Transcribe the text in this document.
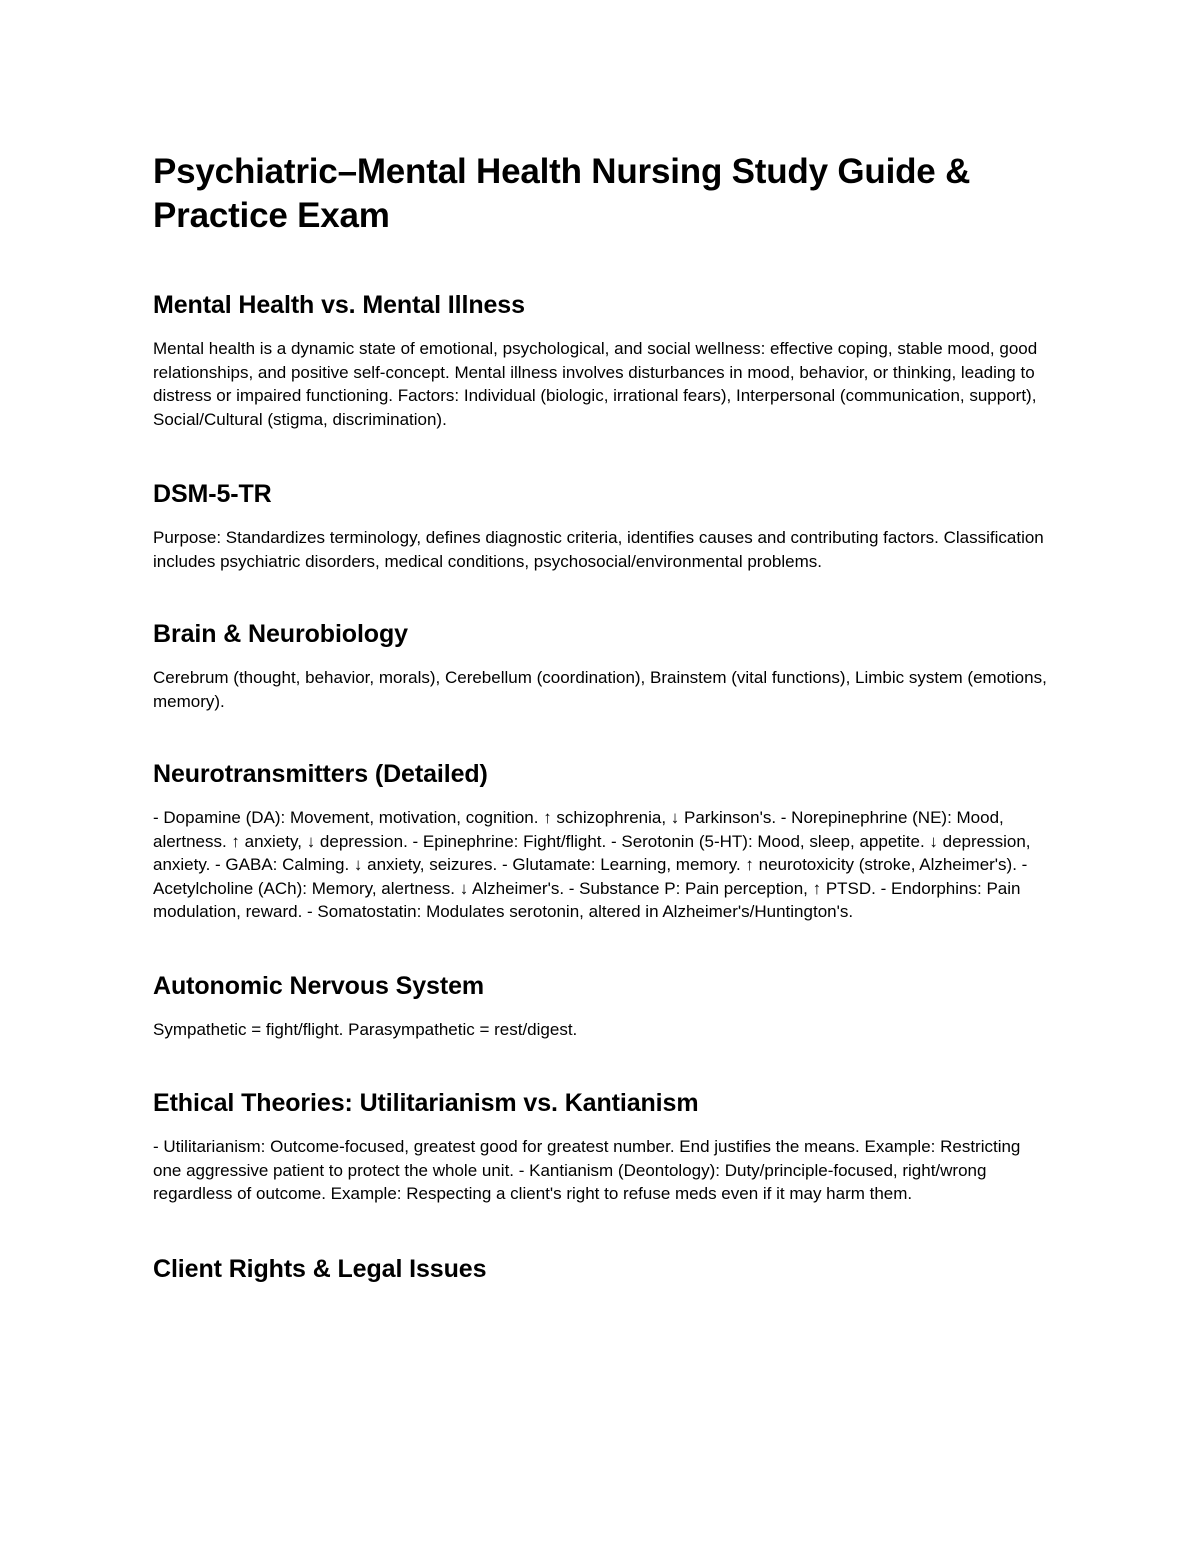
Psychiatric–Mental Health Nursing Study Guide & Practice Exam
Mental Health vs. Mental Illness

Mental health is a dynamic state of emotional, psychological, and social wellness: effective coping, stable mood, good relationships, and positive self-concept. Mental illness involves disturbances in mood, behavior, or thinking, leading to distress or impaired functioning. Factors: Individual (biologic, irrational fears), Interpersonal (communication, support), Social/Cultural (stigma, discrimination).

DSM-5-TR

Purpose: Standardizes terminology, defines diagnostic criteria, identifies causes and contributing factors. Classification includes psychiatric disorders, medical conditions, psychosocial/environmental problems.

Brain & Neurobiology

Cerebrum (thought, behavior, morals), Cerebellum (coordination), Brainstem (vital functions), Limbic system (emotions, memory).

Neurotransmitters (Detailed)

- Dopamine (DA): Movement, motivation, cognition. ↑ schizophrenia, ↓ Parkinson's. - Norepinephrine (NE): Mood, alertness. ↑ anxiety, ↓ depression. - Epinephrine: Fight/flight. - Serotonin (5-HT): Mood, sleep, appetite. ↓ depression, anxiety. - GABA: Calming. ↓ anxiety, seizures. - Glutamate: Learning, memory. ↑ neurotoxicity (stroke, Alzheimer's). - Acetylcholine (ACh): Memory, alertness. ↓ Alzheimer's. - Substance P: Pain perception, ↑ PTSD. - Endorphins: Pain modulation, reward. - Somatostatin: Modulates serotonin, altered in Alzheimer's/Huntington's.

Autonomic Nervous System

Sympathetic = fight/flight. Parasympathetic = rest/digest.

Ethical Theories: Utilitarianism vs. Kantianism

- Utilitarianism: Outcome-focused, greatest good for greatest number. End justifies the means. Example: Restricting one aggressive patient to protect the whole unit. - Kantianism (Deontology): Duty/principle-focused, right/wrong regardless of outcome. Example: Respecting a client's right to refuse meds even if it may harm them.

Client Rights & Legal Issues
